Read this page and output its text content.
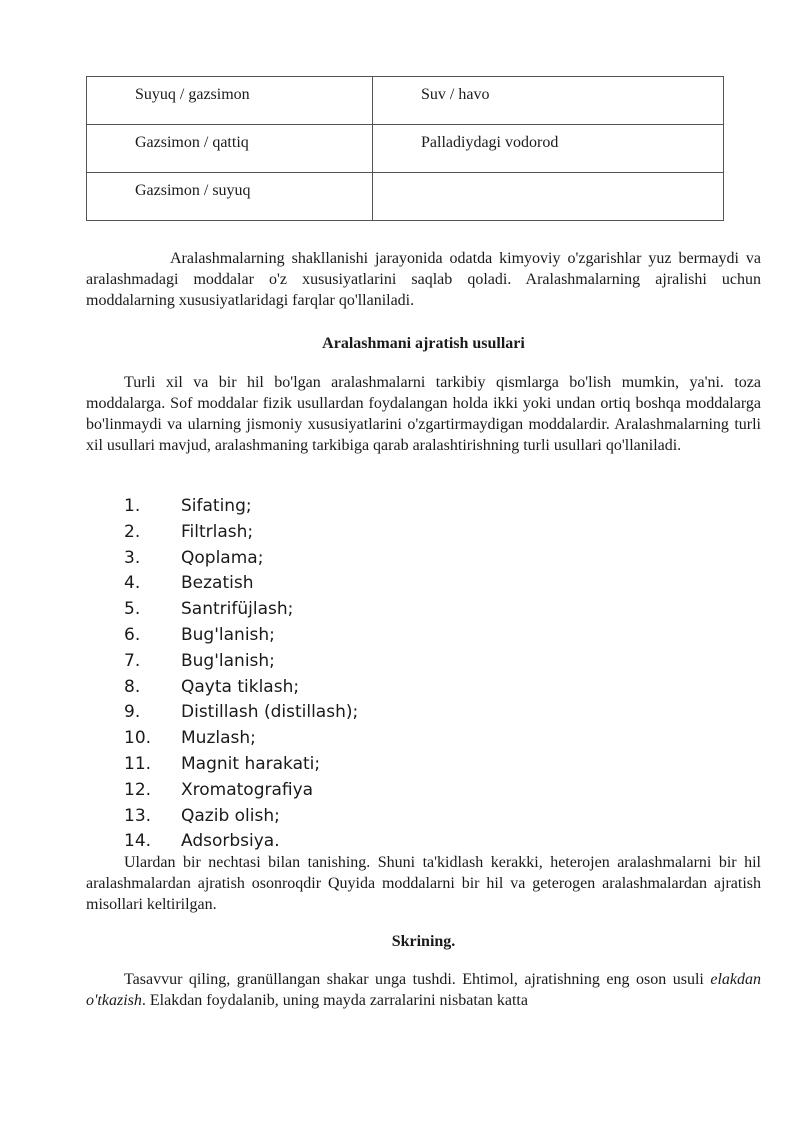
Suyuq / gazsimon	Suv / havo
Gazsimon / qattiq	Palladiydagi vodorod
Gazsimon / suyuq	

Aralashmalarning shakllanishi jarayonida odatda kimyoviy o'zgarishlar yuz bermaydi va aralashmadagi moddalar o'z xususiyatlarini saqlab qoladi. Aralashmalarning ajralishi uchun moddalarning xususiyatlaridagi farqlar qo'llaniladi.

Aralashmani ajratish usullari

Turli xil va bir hil bo'lgan aralashmalarni tarkibiy qismlarga bo'lish mumkin, ya'ni. toza moddalarga. Sof moddalar fizik usullardan foydalangan holda ikki yoki undan ortiq boshqa moddalarga bo'linmaydi va ularning jismoniy xususiyatlarini o'zgartirmaydigan moddalardir. Aralashmalarning turli xil usullari mavjud, aralashmaning tarkibiga qarab aralashtirishning turli usullari qo'llaniladi.

1. Sifating;
2. Filtrlash;
3. Qoplama;
4. Bezatish
5. Santrifüjlash;
6. Bug'lanish;
7. Bug'lanish;
8. Qayta tiklash;
9. Distillash (distillash);
10. Muzlash;
11. Magnit harakati;
12. Xromatografiya
13. Qazib olish;
14. Adsorbsiya.

Ulardan bir nechtasi bilan tanishing. Shuni ta'kidlash kerakki, heterojen aralashmalarni bir hil aralashmalardan ajratish osonroqdir Quyida moddalarni bir hil va geterogen aralashmalardan ajratish misollari keltirilgan.

Skrining.

Tasavvur qiling, granüllangan shakar unga tushdi. Ehtimol, ajratishning eng oson usuli elakdan o'tkazish. Elakdan foydalanib, uning mayda zarralarini nisbatan katta
